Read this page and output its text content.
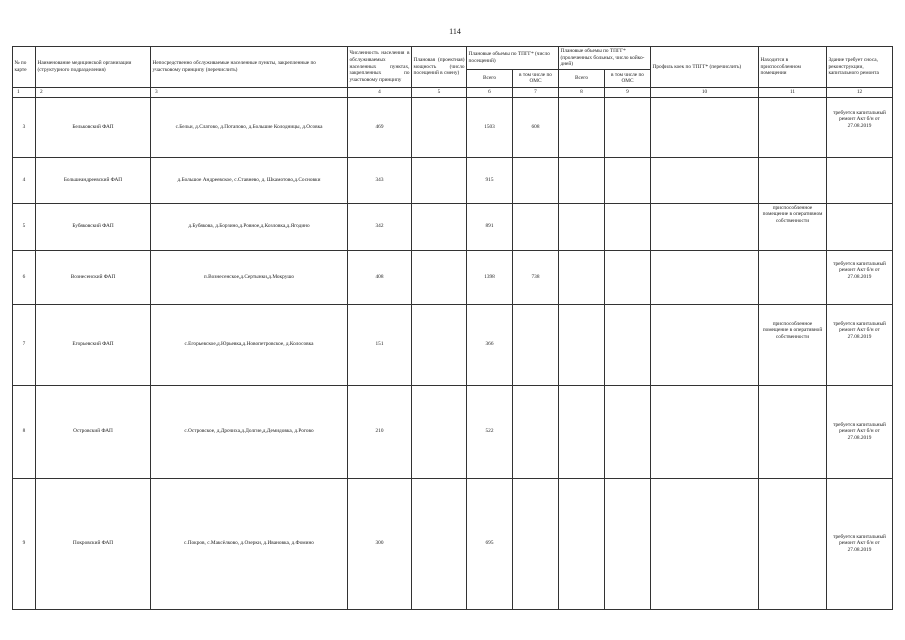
114
№ по карте	Наименование медицинской организации (структурного подразделения)	Непосредственно обслуживаемые населенные пункты, закрепленные по участковому принципу (перечислить)	Численность населения в обслуживаемых населенных пунктах, закрепленных по участковому принципу	Плановая (проектная) мощность (число посещений в смену)	Плановые объемы по ТПГГ* (число посещений)		Плановые объемы по ТПГГ* (пролеченных больных, число койко-дней)		Профиль коек по ТПГГ* (перечислить)	Находится в приспособленном помещении	Здание требует сноса, реконструкции, капитального ремонта
					Всего	в том числе по ОМС	Всего	в том числе по ОМС			
1	2	3	4	5	6	7	8	9	10	11	12
3	Бельковский ФАП	с.Бельи, д.Слатово, д.Потапово, д.Большие Колодницы, д.Осовка	469		1503	608					требуется капитальный ремонт Акт б/н от 27.08.2019
4	Большеандреевский ФАП	д.Большое Андреевское, с.Ставнево, д. Шкамотово,д.Сосновки	343		915						
5	Бубяковский ФАП	д.Бубякова, д.Борзино,д.Ровное,д.Козловка,д.Ягодино	342		891					приспособленное помещение в оперативном собственности	
6	Вознесенский ФАП	п.Вознесенское,д.Сертынки,д.Мокрушо	408		1398	738					требуется капитальный ремонт Акт б/н от 27.08.2019
7	Егорьевский ФАП	с.Егорьевское,д.Юрьевка,д.Новопетровское, д.Колосовка	151		366					приспособленное помещение в оперативной собственности	требуется капитальный ремонт Акт б/н от 27.08.2019
8	Островский ФАП	с.Островское, д.Дрочиха,д.Долгие,д.Демидовка, д.Рогово	210		522						требуется капитальный ремонт Акт б/н от 27.08.2019
9	Покровский ФАП	с.Покров, с.Максёлково, д.Озерки, д.Ивановка, д.Фомино	300		695						требуется капитальный ремонт Акт б/н от 27.08.2019
